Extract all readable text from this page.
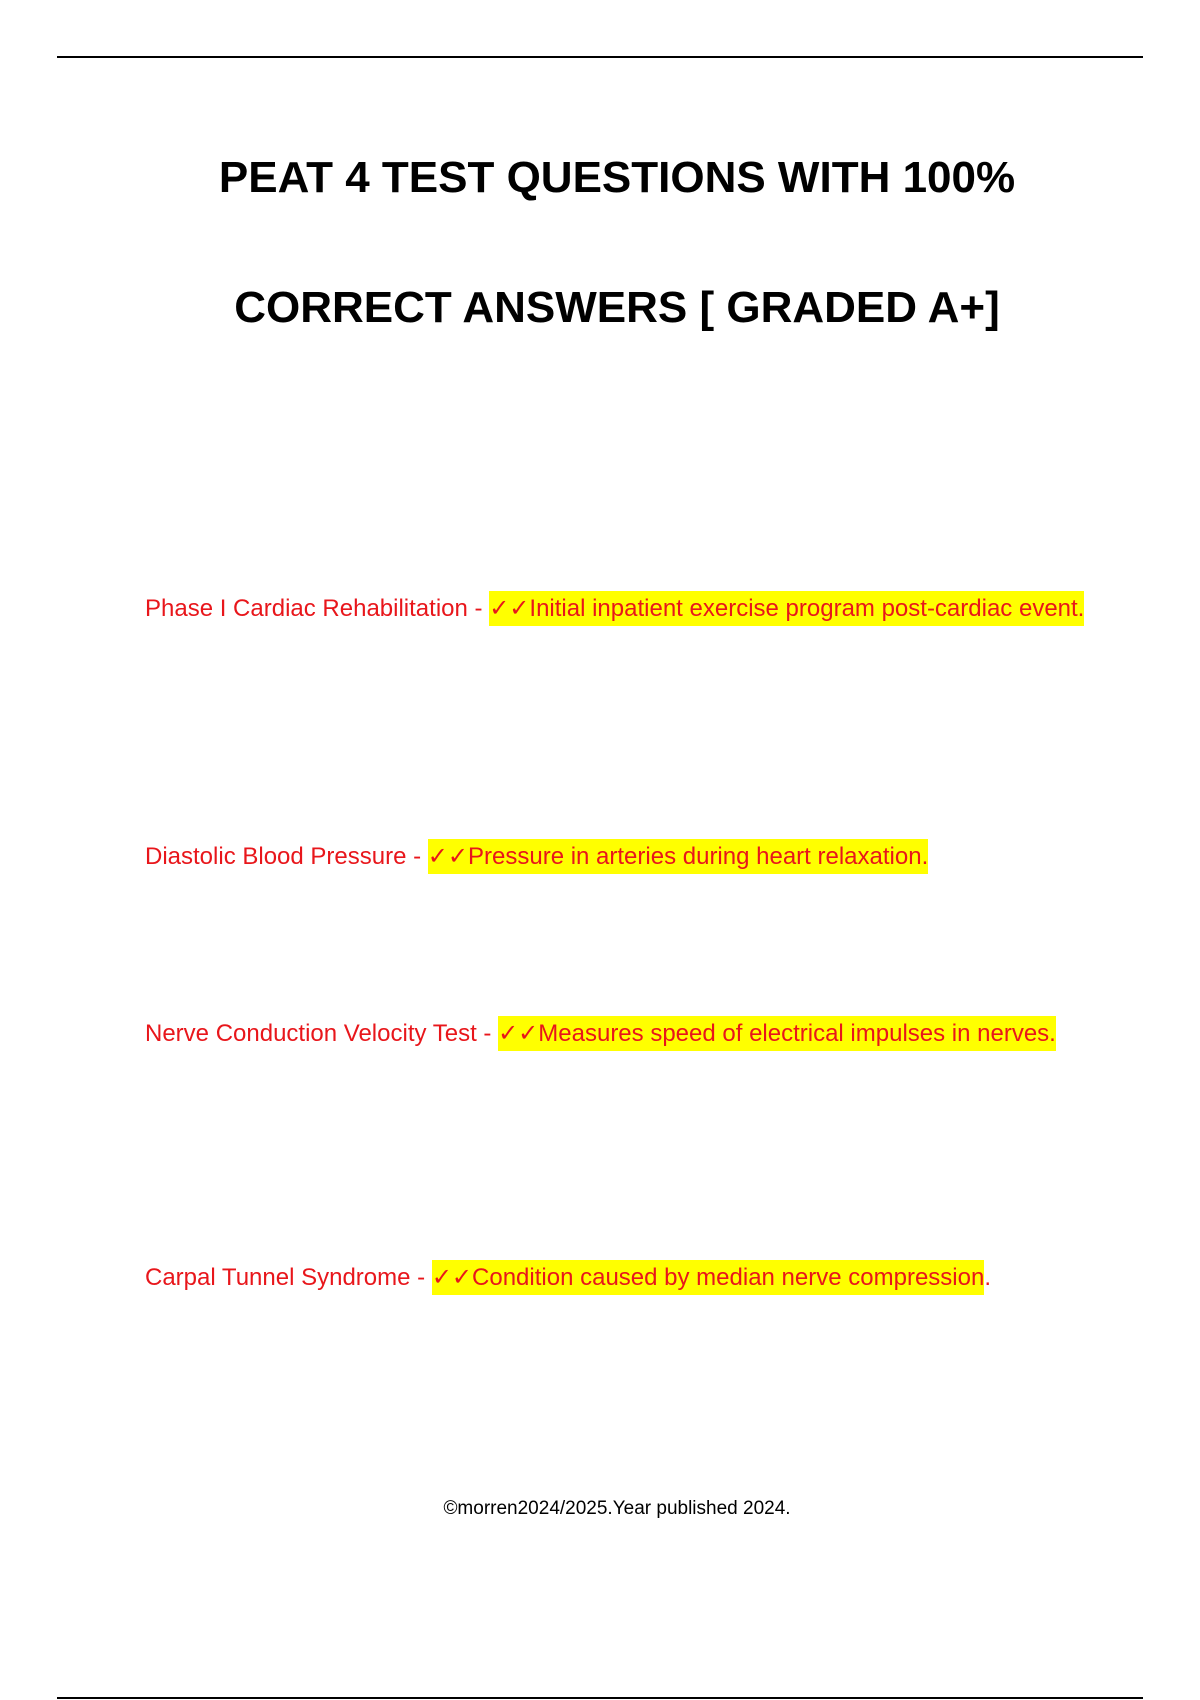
PEAT 4 TEST QUESTIONS WITH 100%
CORRECT ANSWERS [ GRADED A+]
Phase I Cardiac Rehabilitation - ✓✓Initial inpatient exercise program post-cardiac event.
Diastolic Blood Pressure - ✓✓Pressure in arteries during heart relaxation.
Nerve Conduction Velocity Test - ✓✓Measures speed of electrical impulses in nerves.
Carpal Tunnel Syndrome - ✓✓Condition caused by median nerve compression.
©morren2024/2025.Year published 2024.
